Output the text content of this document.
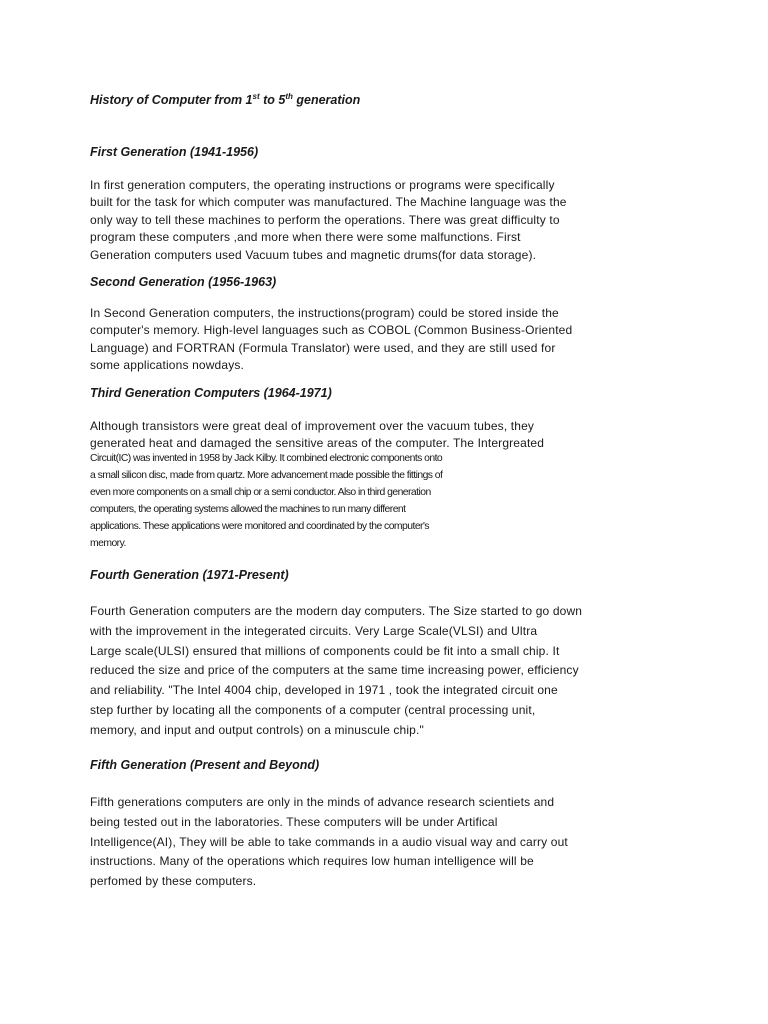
History of Computer from 1st to 5th generation
First Generation (1941-1956)
In first generation computers, the operating instructions or programs were specifically
built for the task for which computer was manufactured. The Machine language was the
only way to tell these machines to perform the operations. There was great difficulty to
program these computers ,and more when there were some malfunctions. First
Generation computers used Vacuum tubes and magnetic drums(for data storage).
Second Generation (1956-1963)
In Second Generation computers, the instructions(program) could be stored inside the
computer's memory. High-level languages such as COBOL (Common Business-Oriented
Language) and FORTRAN (Formula Translator) were used, and they are still used for
some applications nowdays.
Third Generation Computers (1964-1971)
Although transistors were great deal of improvement over the vacuum tubes, they
generated heat and damaged the sensitive areas of the computer. The Intergreated
Circuit(IC) was invented in 1958 by Jack Kilby. It combined electronic components onto
a small silicon disc, made from quartz. More advancement made possible the fittings of
even more components on a small chip or a semi conductor. Also in third generation
computers, the operating systems allowed the machines to run many different
applications. These applications were monitored and coordinated by the computer's
memory.
Fourth Generation (1971-Present)
Fourth Generation computers are the modern day computers. The Size started to go down
with the improvement in the integerated circuits. Very Large Scale(VLSI) and Ultra
Large scale(ULSI) ensured that millions of components could be fit into a small chip. It
reduced the size and price of the computers at the same time increasing power, efficiency
and reliability. "The Intel 4004 chip, developed in 1971 , took the integrated circuit one
step further by locating all the components of a computer (central processing unit,
memory, and input and output controls) on a minuscule chip."
Fifth Generation (Present and Beyond)
Fifth generations computers are only in the minds of advance research scientiets and
being tested out in the laboratories. These computers will be under Artifical
Intelligence(AI), They will be able to take commands in a audio visual way and carry out
instructions. Many of the operations which requires low human intelligence will be
perfomed by these computers.
